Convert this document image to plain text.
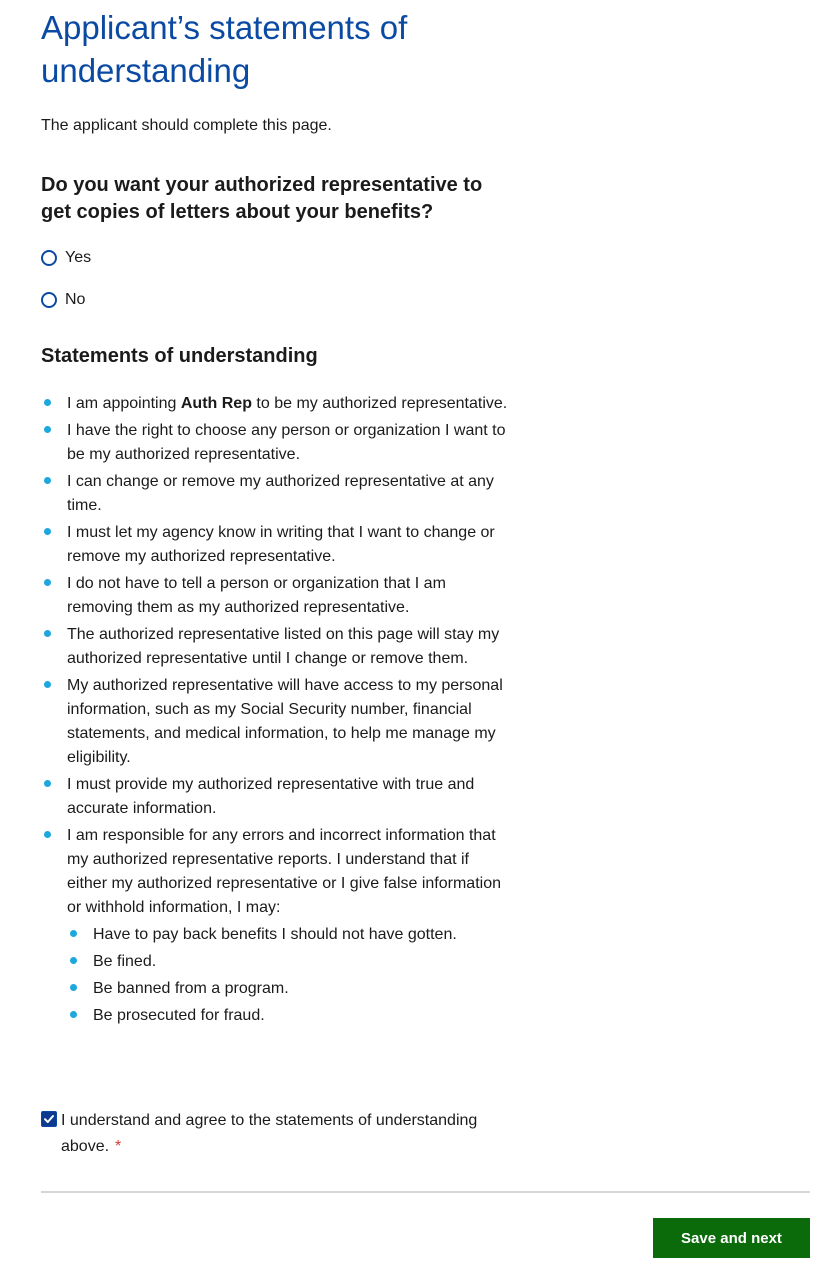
Applicant’s statements of understanding
The applicant should complete this page.
Do you want your authorized representative to get copies of letters about your benefits?
Yes
No
Statements of understanding
I am appointing Auth Rep to be my authorized representative.
I have the right to choose any person or organization I want to be my authorized representative.
I can change or remove my authorized representative at any time.
I must let my agency know in writing that I want to change or remove my authorized representative.
I do not have to tell a person or organization that I am removing them as my authorized representative.
The authorized representative listed on this page will stay my authorized representative until I change or remove them.
My authorized representative will have access to my personal information, such as my Social Security number, financial statements, and medical information, to help me manage my eligibility.
I must provide my authorized representative with true and accurate information.
I am responsible for any errors and incorrect information that my authorized representative reports. I understand that if either my authorized representative or I give false information or withhold information, I may:
Have to pay back benefits I should not have gotten.
Be fined.
Be banned from a program.
Be prosecuted for fraud.
I understand and agree to the statements of understanding above. *
Save and next
